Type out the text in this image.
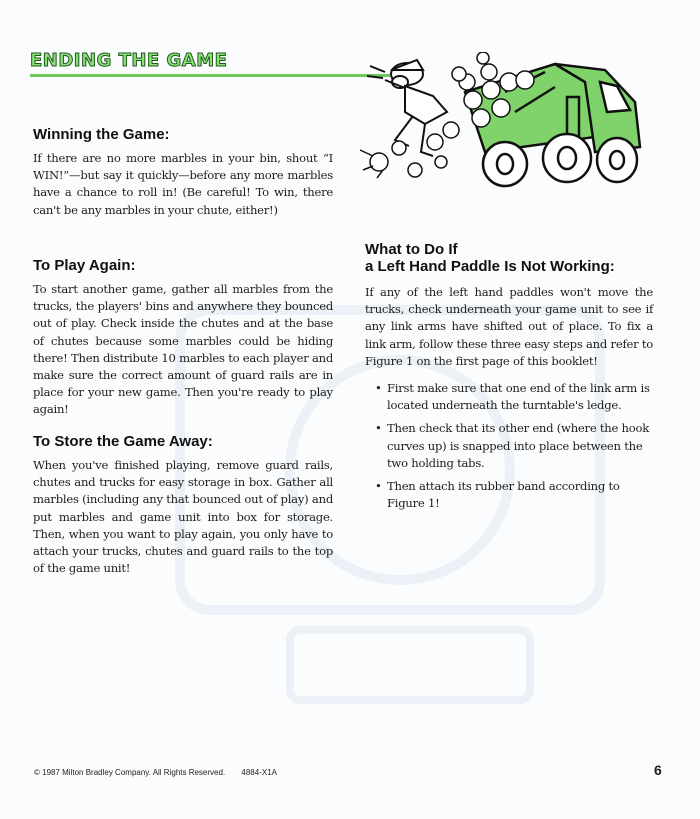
ENDING THE GAME
Winning the Game:

If there are no more marbles in your bin, shout “I WIN!”—but say it quickly—before any more marbles have a chance to roll in! (Be careful! To win, there can't be any marbles in your chute, either!)

To Play Again:

To start another game, gather all marbles from the trucks, the players' bins and anywhere they bounced out of play. Check inside the chutes and at the base of chutes because some marbles could be hiding there! Then distribute 10 marbles to each player and make sure the correct amount of guard rails are in place for your new game. Then you're ready to play again!

To Store the Game Away:

When you've finished playing, remove guard rails, chutes and trucks for easy storage in box. Gather all marbles (including any that bounced out of play) and put marbles and game unit into box for storage. Then, when you want to play again, you only have to attach your trucks, chutes and guard rails to the top of the game unit!

What to Do If
a Left Hand Paddle Is Not Working:

If any of the left hand paddles won't move the trucks, check underneath your game unit to see if any link arms have shifted out of place. To fix a link arm, follow these three easy steps and refer to Figure 1 on the first page of this booklet!

• First make sure that one end of the link arm is located underneath the turntable's ledge.
• Then check that its other end (where the hook curves up) is snapped into place between the two holding tabs.
• Then attach its rubber band according to Figure 1!
© 1987 Milton Bradley Company. All Rights Reserved. 4884-X1A	6
